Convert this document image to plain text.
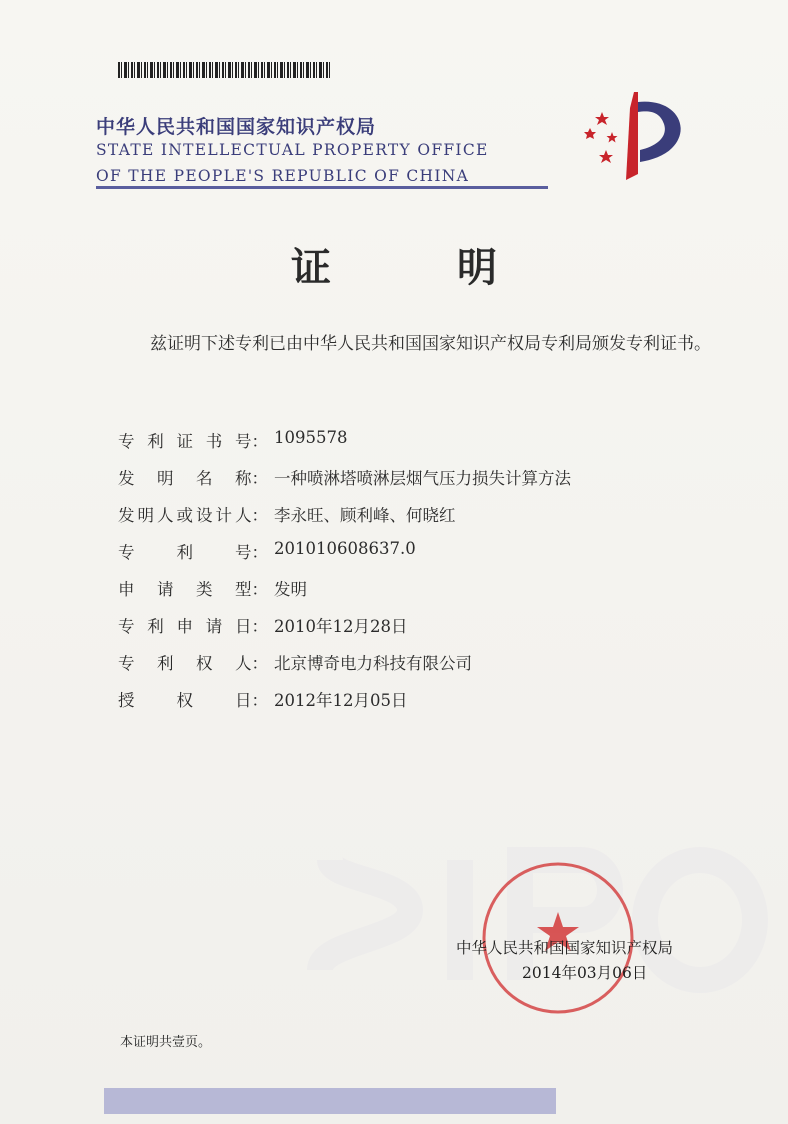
中华人民共和国国家知识产权局
STATE INTELLECTUAL PROPERTY OFFICE
OF THE PEOPLE'S REPUBLIC OF CHINA
证 明
兹证明下述专利已由中华人民共和国国家知识产权局专利局颁发专利证书。
专 利 证 书 号： 1095578
发 明 名 称： 一种喷淋塔喷淋层烟气压力损失计算方法
发 明 人 或 设 计 人： 李永旺、顾利峰、何晓红
专	利	号： 201010608637.0
申 请 类 型： 发明
专 利 申 请 日： 2010年12月28日
专 利 权 人： 北京博奇电力科技有限公司
授	权	日： 2012年12月05日
中华人民共和国国家知识产权局
2014年03月06日
本证明共壹页。
